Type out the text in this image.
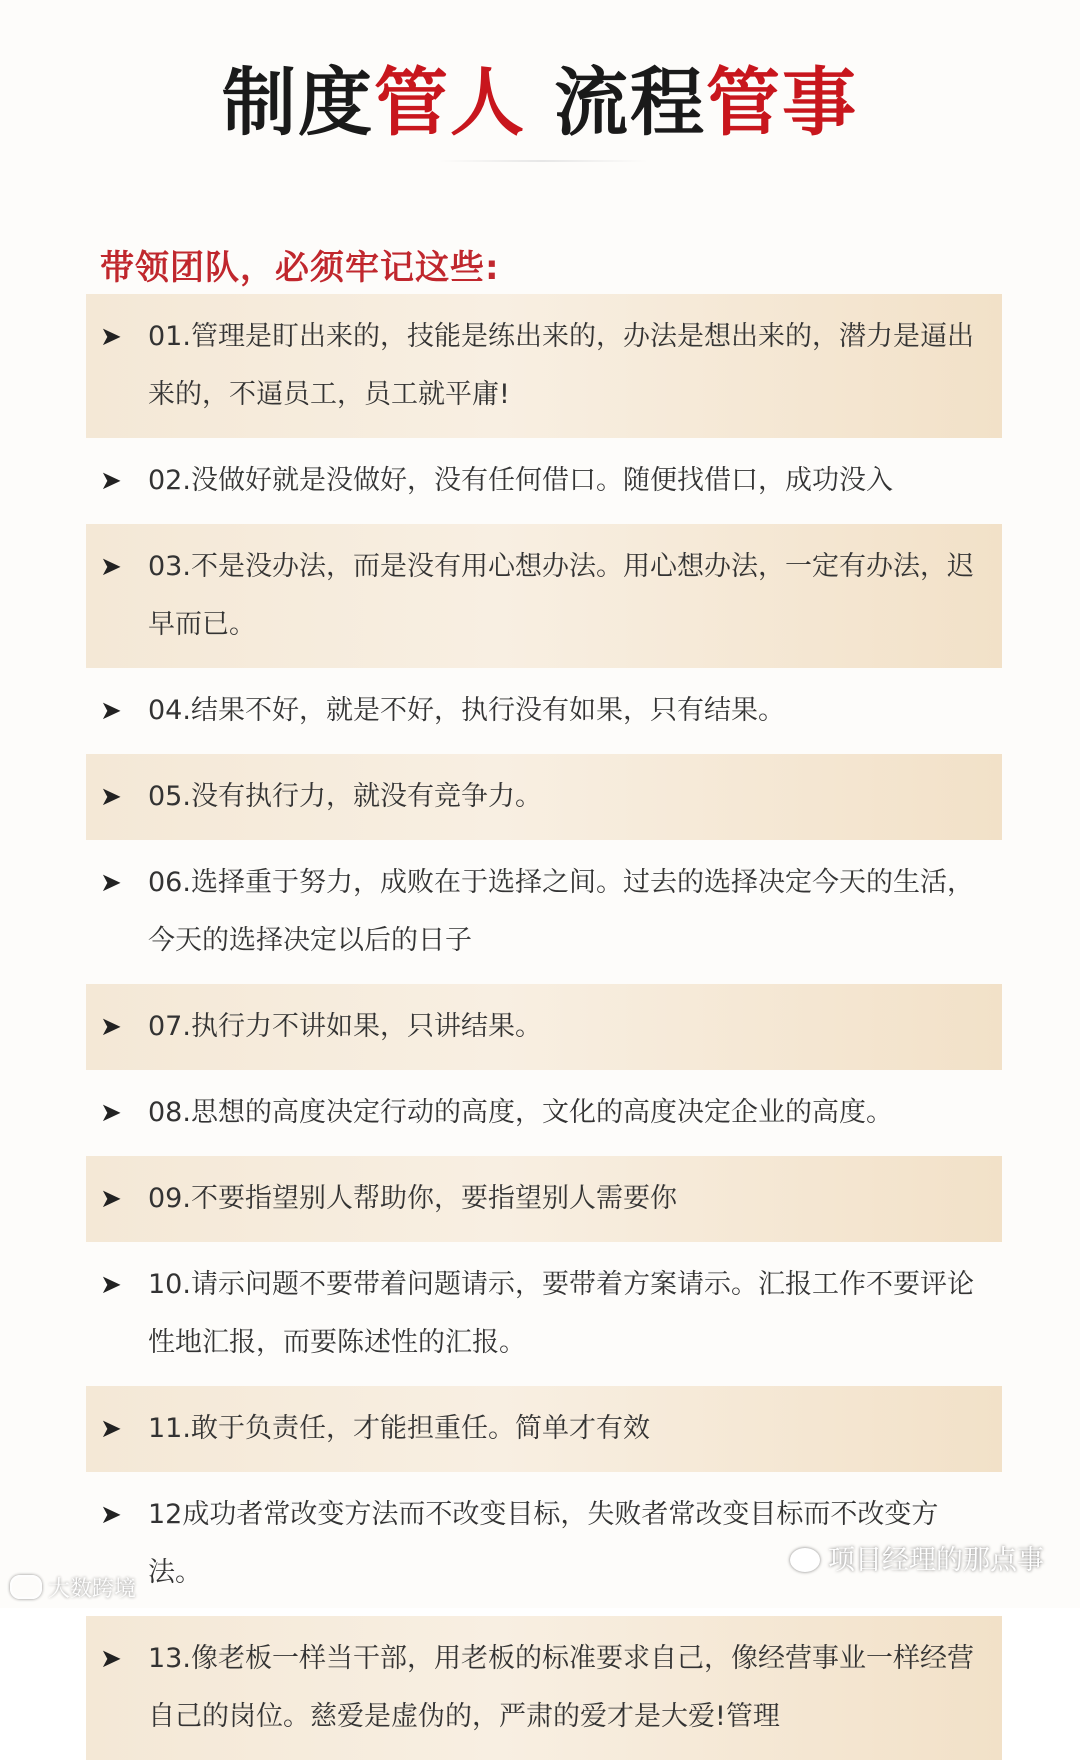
制度管人 流程管事
带领团队，必须牢记这些:
➤ 01.管理是盯出来的，技能是练出来的，办法是想出来的，潜力是逼出来的，不逼员工，员工就平庸!
➤ 02.没做好就是没做好，没有任何借口。随便找借口，成功没入
➤ 03.不是没办法，而是没有用心想办法。用心想办法，一定有办法，迟早而已。
➤ 04.结果不好，就是不好，执行没有如果，只有结果。
➤ 05.没有执行力，就没有竞争力。
➤ 06.选择重于努力，成败在于选择之间。过去的选择决定今天的生活，今天的选择决定以后的日子
➤ 07.执行力不讲如果，只讲结果。
➤ 08.思想的高度决定行动的高度，文化的高度决定企业的高度。
➤ 09.不要指望别人帮助你，要指望别人需要你
➤ 10.请示问题不要带着问题请示，要带着方案请示。汇报工作不要评论性地汇报，而要陈述性的汇报。
➤ 11.敢于负责任，才能担重任。简单才有效
➤ 12成功者常改变方法而不改变目标，失败者常改变目标而不改变方法。
➤ 13.像老板一样当干部，用老板的标准要求自己，像经营事业一样经营自己的岗位。慈爱是虚伪的，严肃的爱才是大爱!管理
大数跨境
项目经理的那点事
